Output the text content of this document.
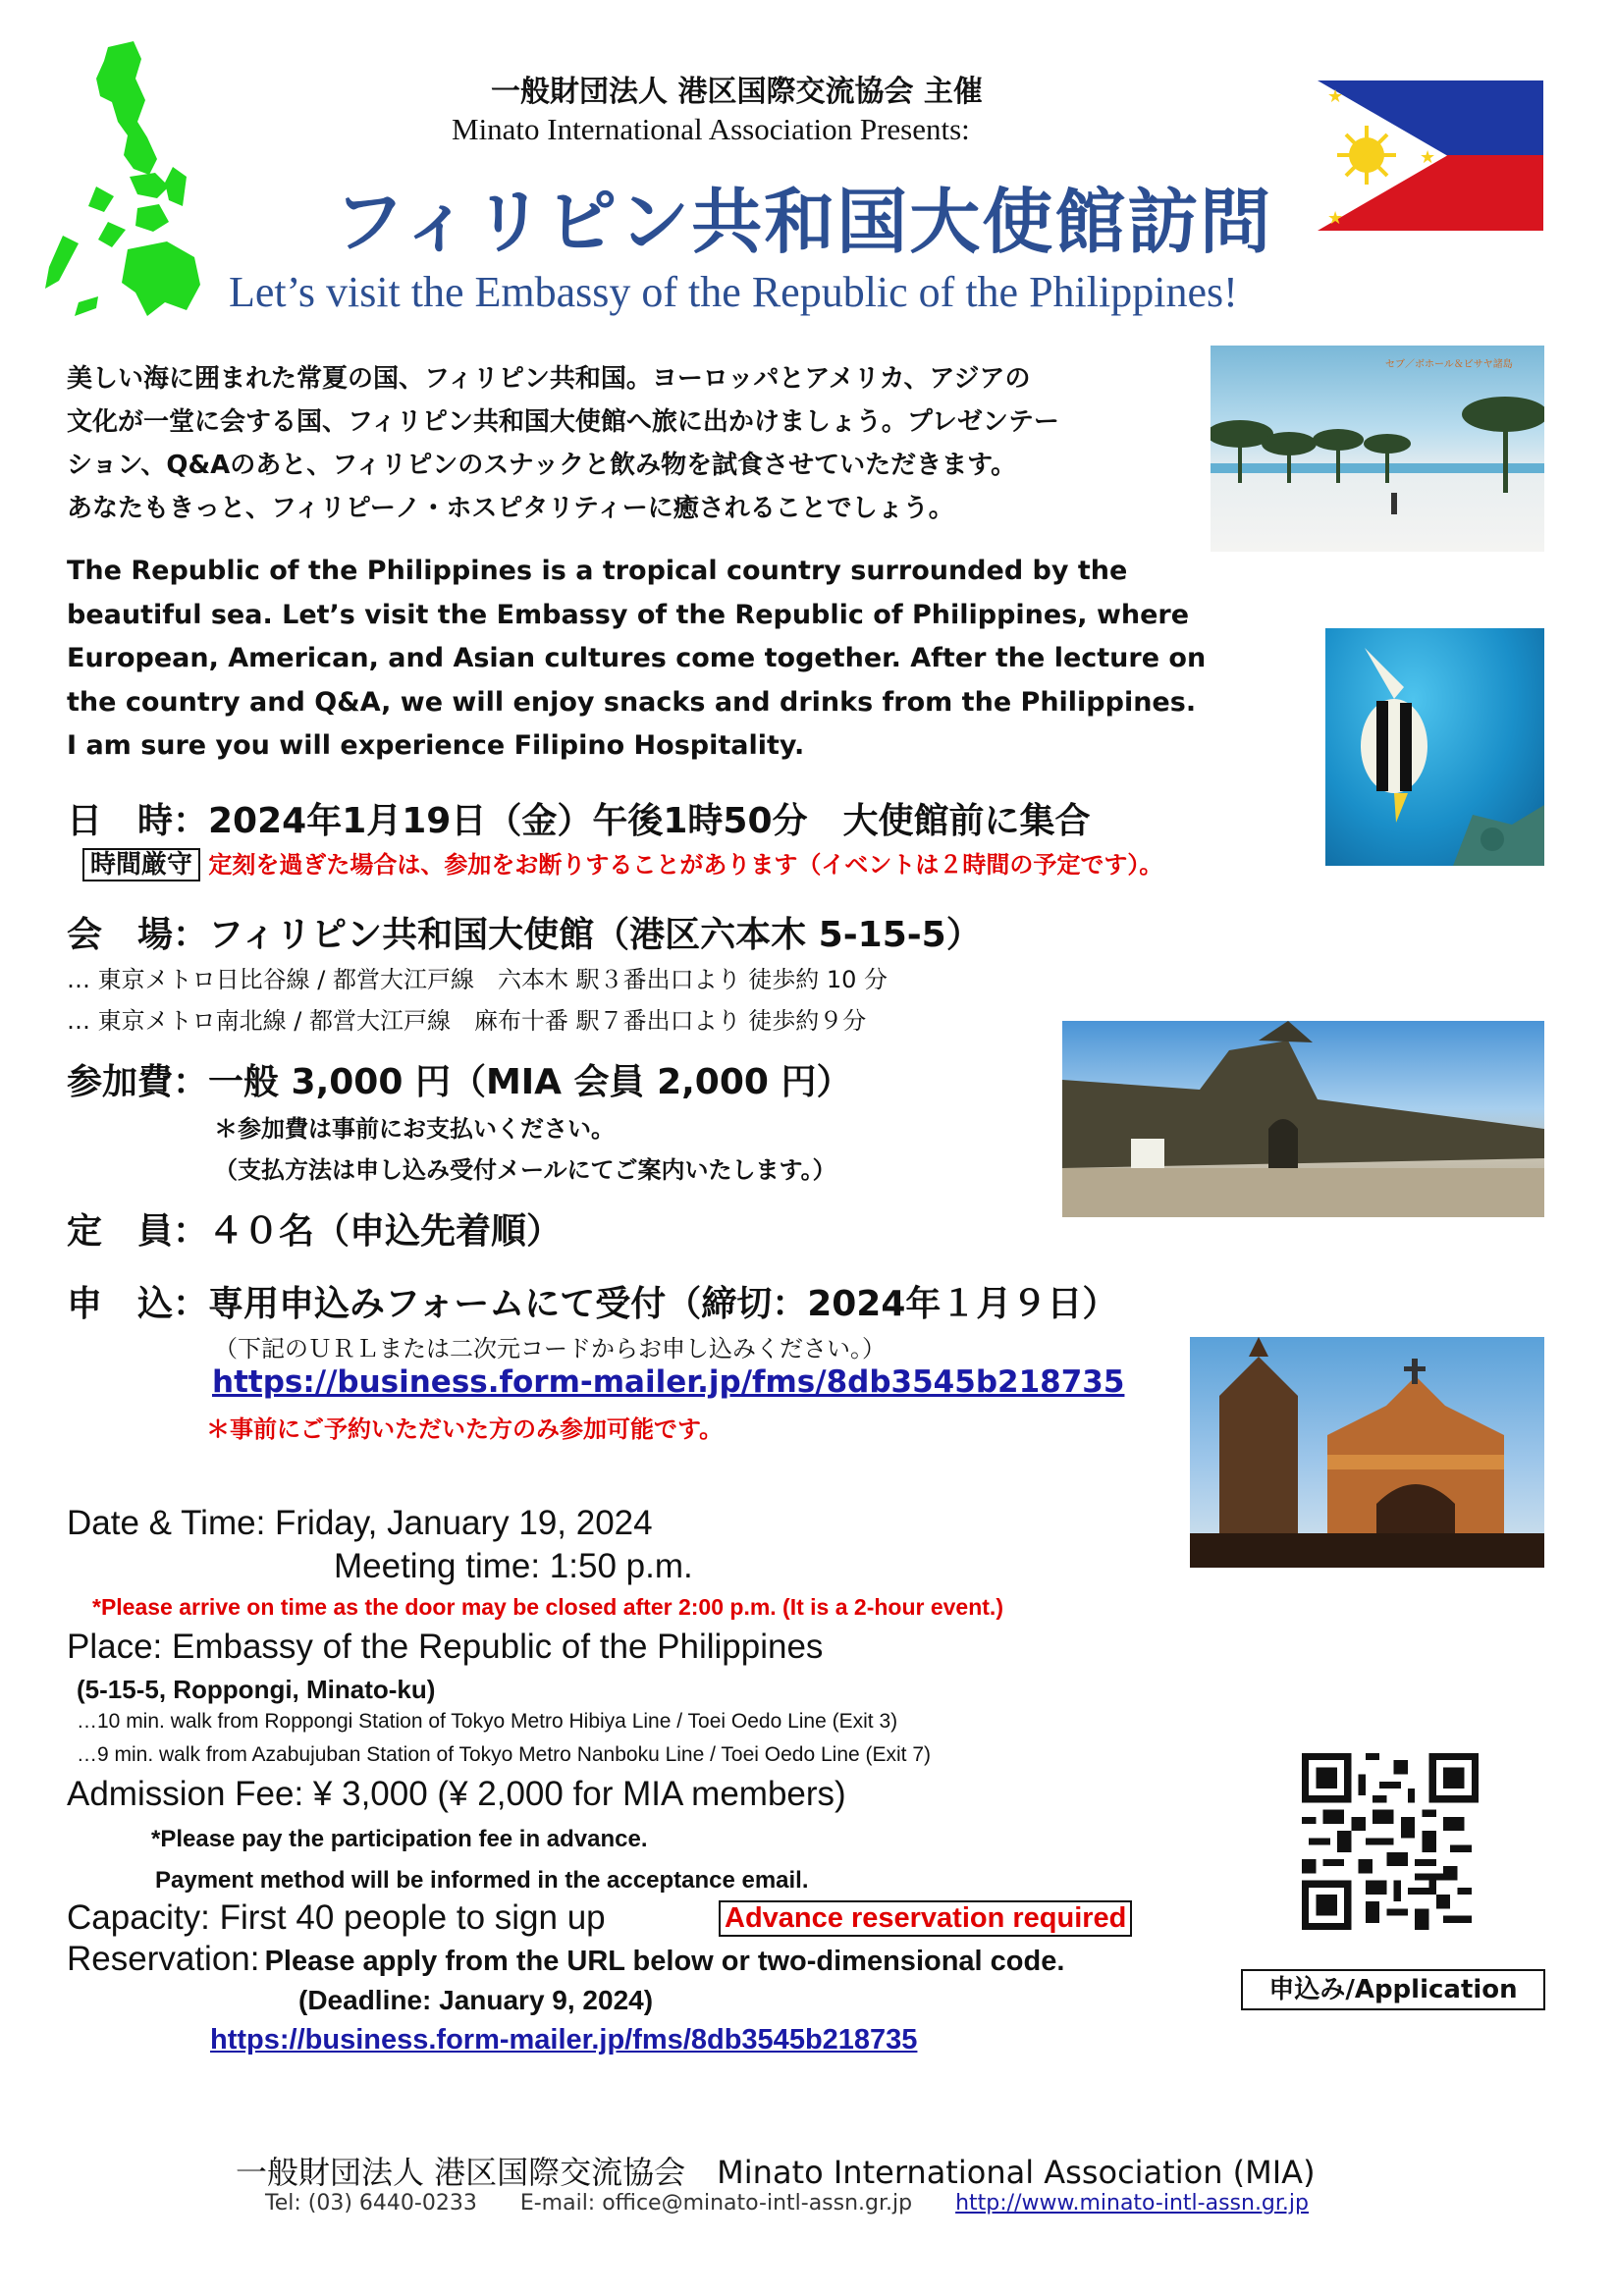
★
★
★
一般財団法人 港区国際交流協会 主催
Minato International Association Presents:
フィリピン共和国大使館訪問
Let’s visit the Embassy of the Republic of the Philippines!
セブ／ボホール＆ビサヤ諸島
美しい海に囲まれた常夏の国、フィリピン共和国。ヨーロッパとアメリカ、アジアの
文化が一堂に会する国、フィリピン共和国大使館へ旅に出かけましょう。プレゼンテー
ション、Q&Aのあと、フィリピンのスナックと飲み物を試食させていただきます。
あなたもきっと、フィリピーノ・ホスピタリティーに癒されることでしょう。
The Republic of the Philippines is a tropical country surrounded by the
beautiful sea. Let’s visit the Embassy of the Republic of Philippines, where
European, American, and Asian cultures come together. After the lecture on
the country and Q&A, we will enjoy snacks and drinks from the Philippines.
I am sure you will experience Filipino Hospitality.
日　時：2024年1月19日（金）午後1時50分　大使館前に集合
時間厳守 定刻を過ぎた場合は、参加をお断りすることがあります（イベントは２時間の予定です）。
会　場：フィリピン共和国大使館（港区六本木 5-15-5）
… 東京メトロ日比谷線 / 都営大江戸線　六本木 駅３番出口より 徒歩約 10 分
… 東京メトロ南北線 / 都営大江戸線　麻布十番 駅７番出口より 徒歩約９分
参加費：一般 3,000 円（MIA 会員 2,000 円）
＊参加費は事前にお支払いください。
（支払方法は申し込み受付メールにてご案内いたします。）
定　員：４０名（申込先着順）
申　込：専用申込みフォームにて受付（締切：2024年１月９日）
（下記のＵＲＬまたは二次元コードからお申し込みください。）
https://business.form-mailer.jp/fms/8db3545b218735
＊事前にご予約いただいた方のみ参加可能です。
Date & Time: Friday, January 19, 2024
Meeting time: 1:50 p.m.
*Please arrive on time as the door may be closed after 2:00 p.m. (It is a 2-hour event.)
Place: Embassy of the Republic of the Philippines
(5-15-5, Roppongi, Minato-ku)
…10 min. walk from Roppongi Station of Tokyo Metro Hibiya Line / Toei Oedo Line (Exit 3)
…9 min. walk from Azabujuban Station of Tokyo Metro Nanboku Line / Toei Oedo Line (Exit 7)
Admission Fee: ¥ 3,000 (¥ 2,000 for MIA members)
*Please pay the participation fee in advance.
Payment method will be informed in the acceptance email.
Capacity: First 40 people to sign up	Advance reservation required
Reservation: Please apply from the URL below or two-dimensional code.
(Deadline: January 9, 2024)
https://business.form-mailer.jp/fms/8db3545b218735
申込み/Application
一般財団法人 港区国際交流協会　Minato International Association (MIA)
Tel: (03) 6440-0233 E-mail: office@minato-intl-assn.gr.jp http://www.minato-intl-assn.gr.jp
